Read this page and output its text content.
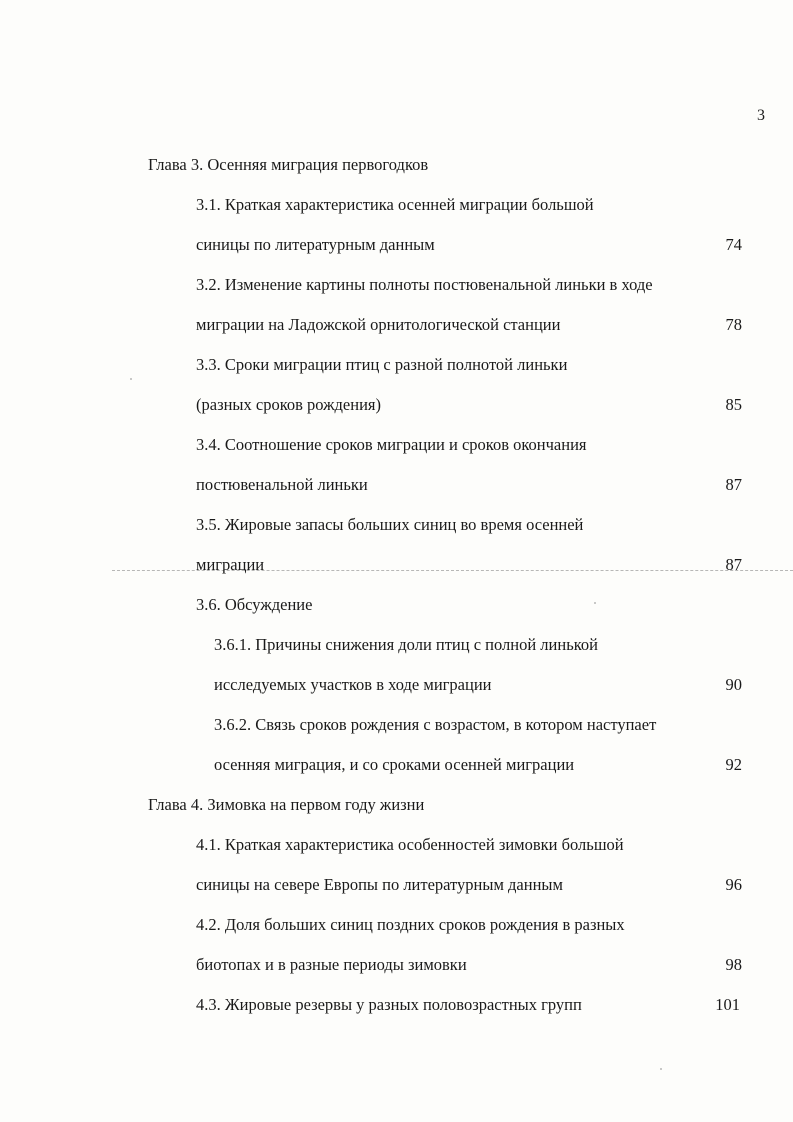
3
Глава 3. Осенняя миграция первогодков
3.1. Краткая характеристика осенней миграции большой
синицы по литературным данным	74
3.2. Изменение картины полноты постювенальной линьки в ходе
миграции на Ладожской орнитологической станции	78
3.3. Сроки миграции птиц с разной полнотой линьки
(разных сроков рождения)	85
3.4. Соотношение сроков миграции и сроков окончания
постювенальной линьки	87
3.5. Жировые запасы больших синиц во время осенней
миграции	87
3.6. Обсуждение
3.6.1. Причины снижения доли птиц с полной линькой
исследуемых участков в ходе миграции	90
3.6.2. Связь сроков рождения с возрастом, в котором наступает
осенняя миграция, и со сроками осенней миграции	92
Глава 4. Зимовка на первом году жизни
4.1. Краткая характеристика особенностей зимовки большой
синицы на севере Европы по литературным данным	96
4.2. Доля больших синиц поздних сроков рождения в разных
биотопах и в разные периоды зимовки	98
4.3. Жировые резервы у разных половозрастных групп	101
